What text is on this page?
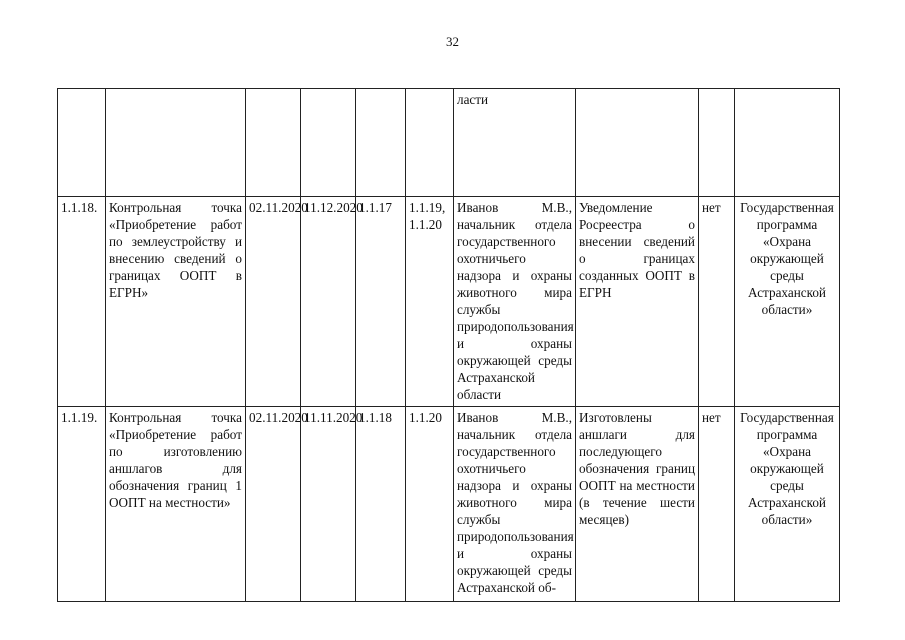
32
						ласти			
1.1.18.	Контрольная точка «Приобретение работ по землеустройству и внесению сведений о границах ООПТ в ЕГРН»	02.11.2020	11.12.2020	1.1.17	1.1.19, 1.1.20	Иванов М.В., начальник отдела государственного охотничьего надзора и охраны животного мира службы природопользования и охраны окружающей среды Астраханской области	Уведомление Росреестра о внесении сведений о границах созданных ООПТ в ЕГРН	нет	Государственная программа «Охрана окружающей среды Астраханской области»
1.1.19.	Контрольная точка «Приобретение работ по изготовлению аншлагов для обозначения границ 1 ООПТ на местности»	02.11.2020	11.11.2020	1.1.18	1.1.20	Иванов М.В., начальник отдела государственного охотничьего надзора и охраны животного мира службы природопользования и охраны окружающей среды Астраханской об-	Изготовлены аншлаги для последующего обозначения границ ООПТ на местности (в течение шести месяцев)	нет	Государственная программа «Охрана окружающей среды Астраханской области»
